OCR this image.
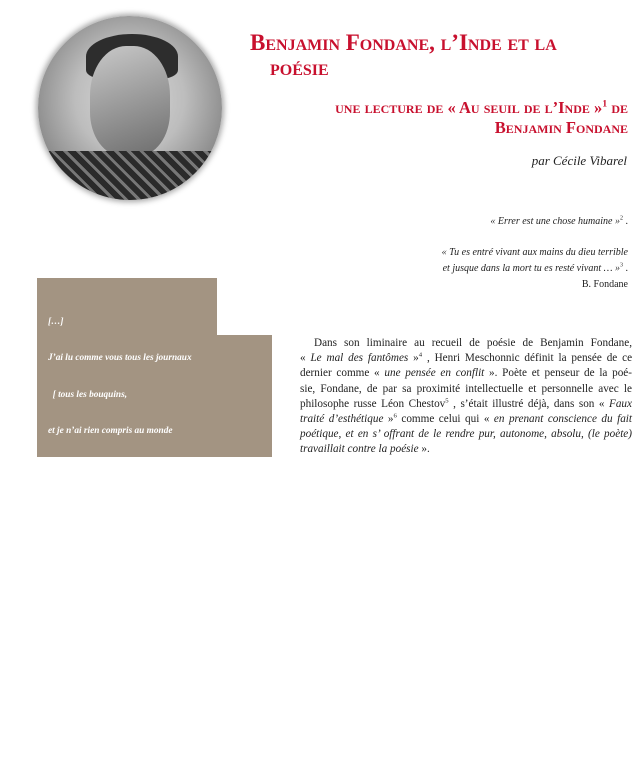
Benjamin Fondane, l’Inde et la
poésie
une lecture de « Au seuil de l’Inde »$^1$ de
Benjamin Fondane
par Cécile Vibarel
« Errer est une chose humaine »$^2$ .
« Tu es entré vivant aux mains du dieu terrible
et jusque dans la mort tu es resté vivant … »$^3$ .
B. Fondane

[…]

J’ai lu comme vous tous les journaux

[ tous les bouquins,

et je n’ai rien compris au monde

et je n’ai rien compris à l’homme,

bien qu’il me soit souvent arrivé  d’affirmer

le contraire.

Et quand la mort, la mort est venue, peut-être

ai-je prétendu savoir ce qu’elle était mais vrai,

je puis vous le dire à cette heure,

elle est entrée toute en mes yeux étonnés,

étonnés de si peu comprendre –

avez-vous mieux compris que moi ?

Dans son liminaire au recueil de poésie de Benjamin Fondane,
« Le mal des fantômes »$^4$ , Henri Meschonnic définit la pensée de ce
dernier comme « une pensée en conflit ». Poète et penseur de la poé-
sie, Fondane, de par sa proximité intellectuelle et personnelle avec le
philosophe russe Léon Chestov$^5$ , s’était illustré déjà, dans son « Faux
traité d’esthétique »$^6$ comme celui qui « en prenant conscience du fait
poétique, et en s’ offrant de le rendre pur, autonome, absolu, (le poète)
travaillait contre la poésie ».
